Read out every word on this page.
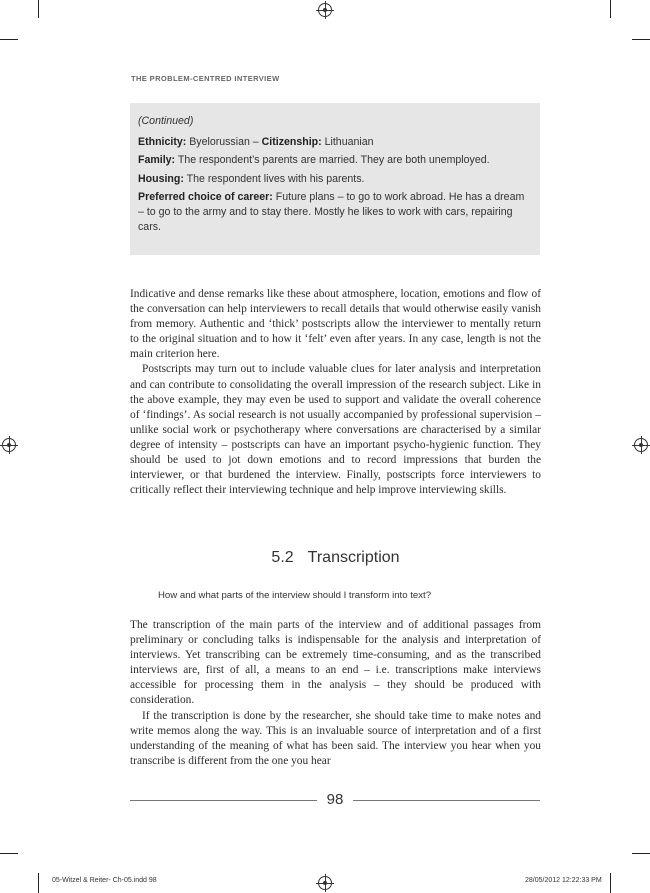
THE PROBLEM-CENTRED INTERVIEW

(Continued)

Ethnicity: Byelorussian – Citizenship: Lithuanian

Family: The respondent’s parents are married. They are both unemployed.

Housing: The respondent lives with his parents.

Preferred choice of career: Future plans – to go to work abroad. He has a dream – to go to the army and to stay there. Mostly he likes to work with cars, repairing cars.

Indicative and dense remarks like these about atmosphere, location, emotions and flow of the conversation can help interviewers to recall details that would otherwise easily vanish from memory. Authentic and ‘thick’ postscripts allow the interviewer to mentally return to the original situation and to how it ‘felt’ even after years. In any case, length is not the main criterion here.

Postscripts may turn out to include valuable clues for later analysis and interpretation and can contribute to consolidating the overall impression of the research subject. Like in the above example, they may even be used to support and validate the overall coherence of ‘findings’. As social research is not usually accompanied by professional supervision – unlike social work or psychotherapy where conversations are characterised by a similar degree of intensity – postscripts can have an important psycho-hygienic function. They should be used to jot down emotions and to record impressions that burden the interviewer, or that burdened the interview. Finally, postscripts force interviewers to critically reflect their interviewing technique and help improve interviewing skills.

5.2 Transcription
How and what parts of the interview should I transform into text?

The transcription of the main parts of the interview and of additional passages from preliminary or concluding talks is indispensable for the analysis and interpretation of interviews. Yet transcribing can be extremely time-consuming, and as the transcribed interviews are, first of all, a means to an end – i.e. transcriptions make interviews accessible for processing them in the analysis – they should be produced with consideration.

If the transcription is done by the researcher, she should take time to make notes and write memos along the way. This is an invaluable source of interpretation and of a first understanding of the meaning of what has been said. The interview you hear when you transcribe is different from the one you hear

98
05-Witzel & Reiter- Ch-05.indd 98	28/05/2012 12:22:33 PM
